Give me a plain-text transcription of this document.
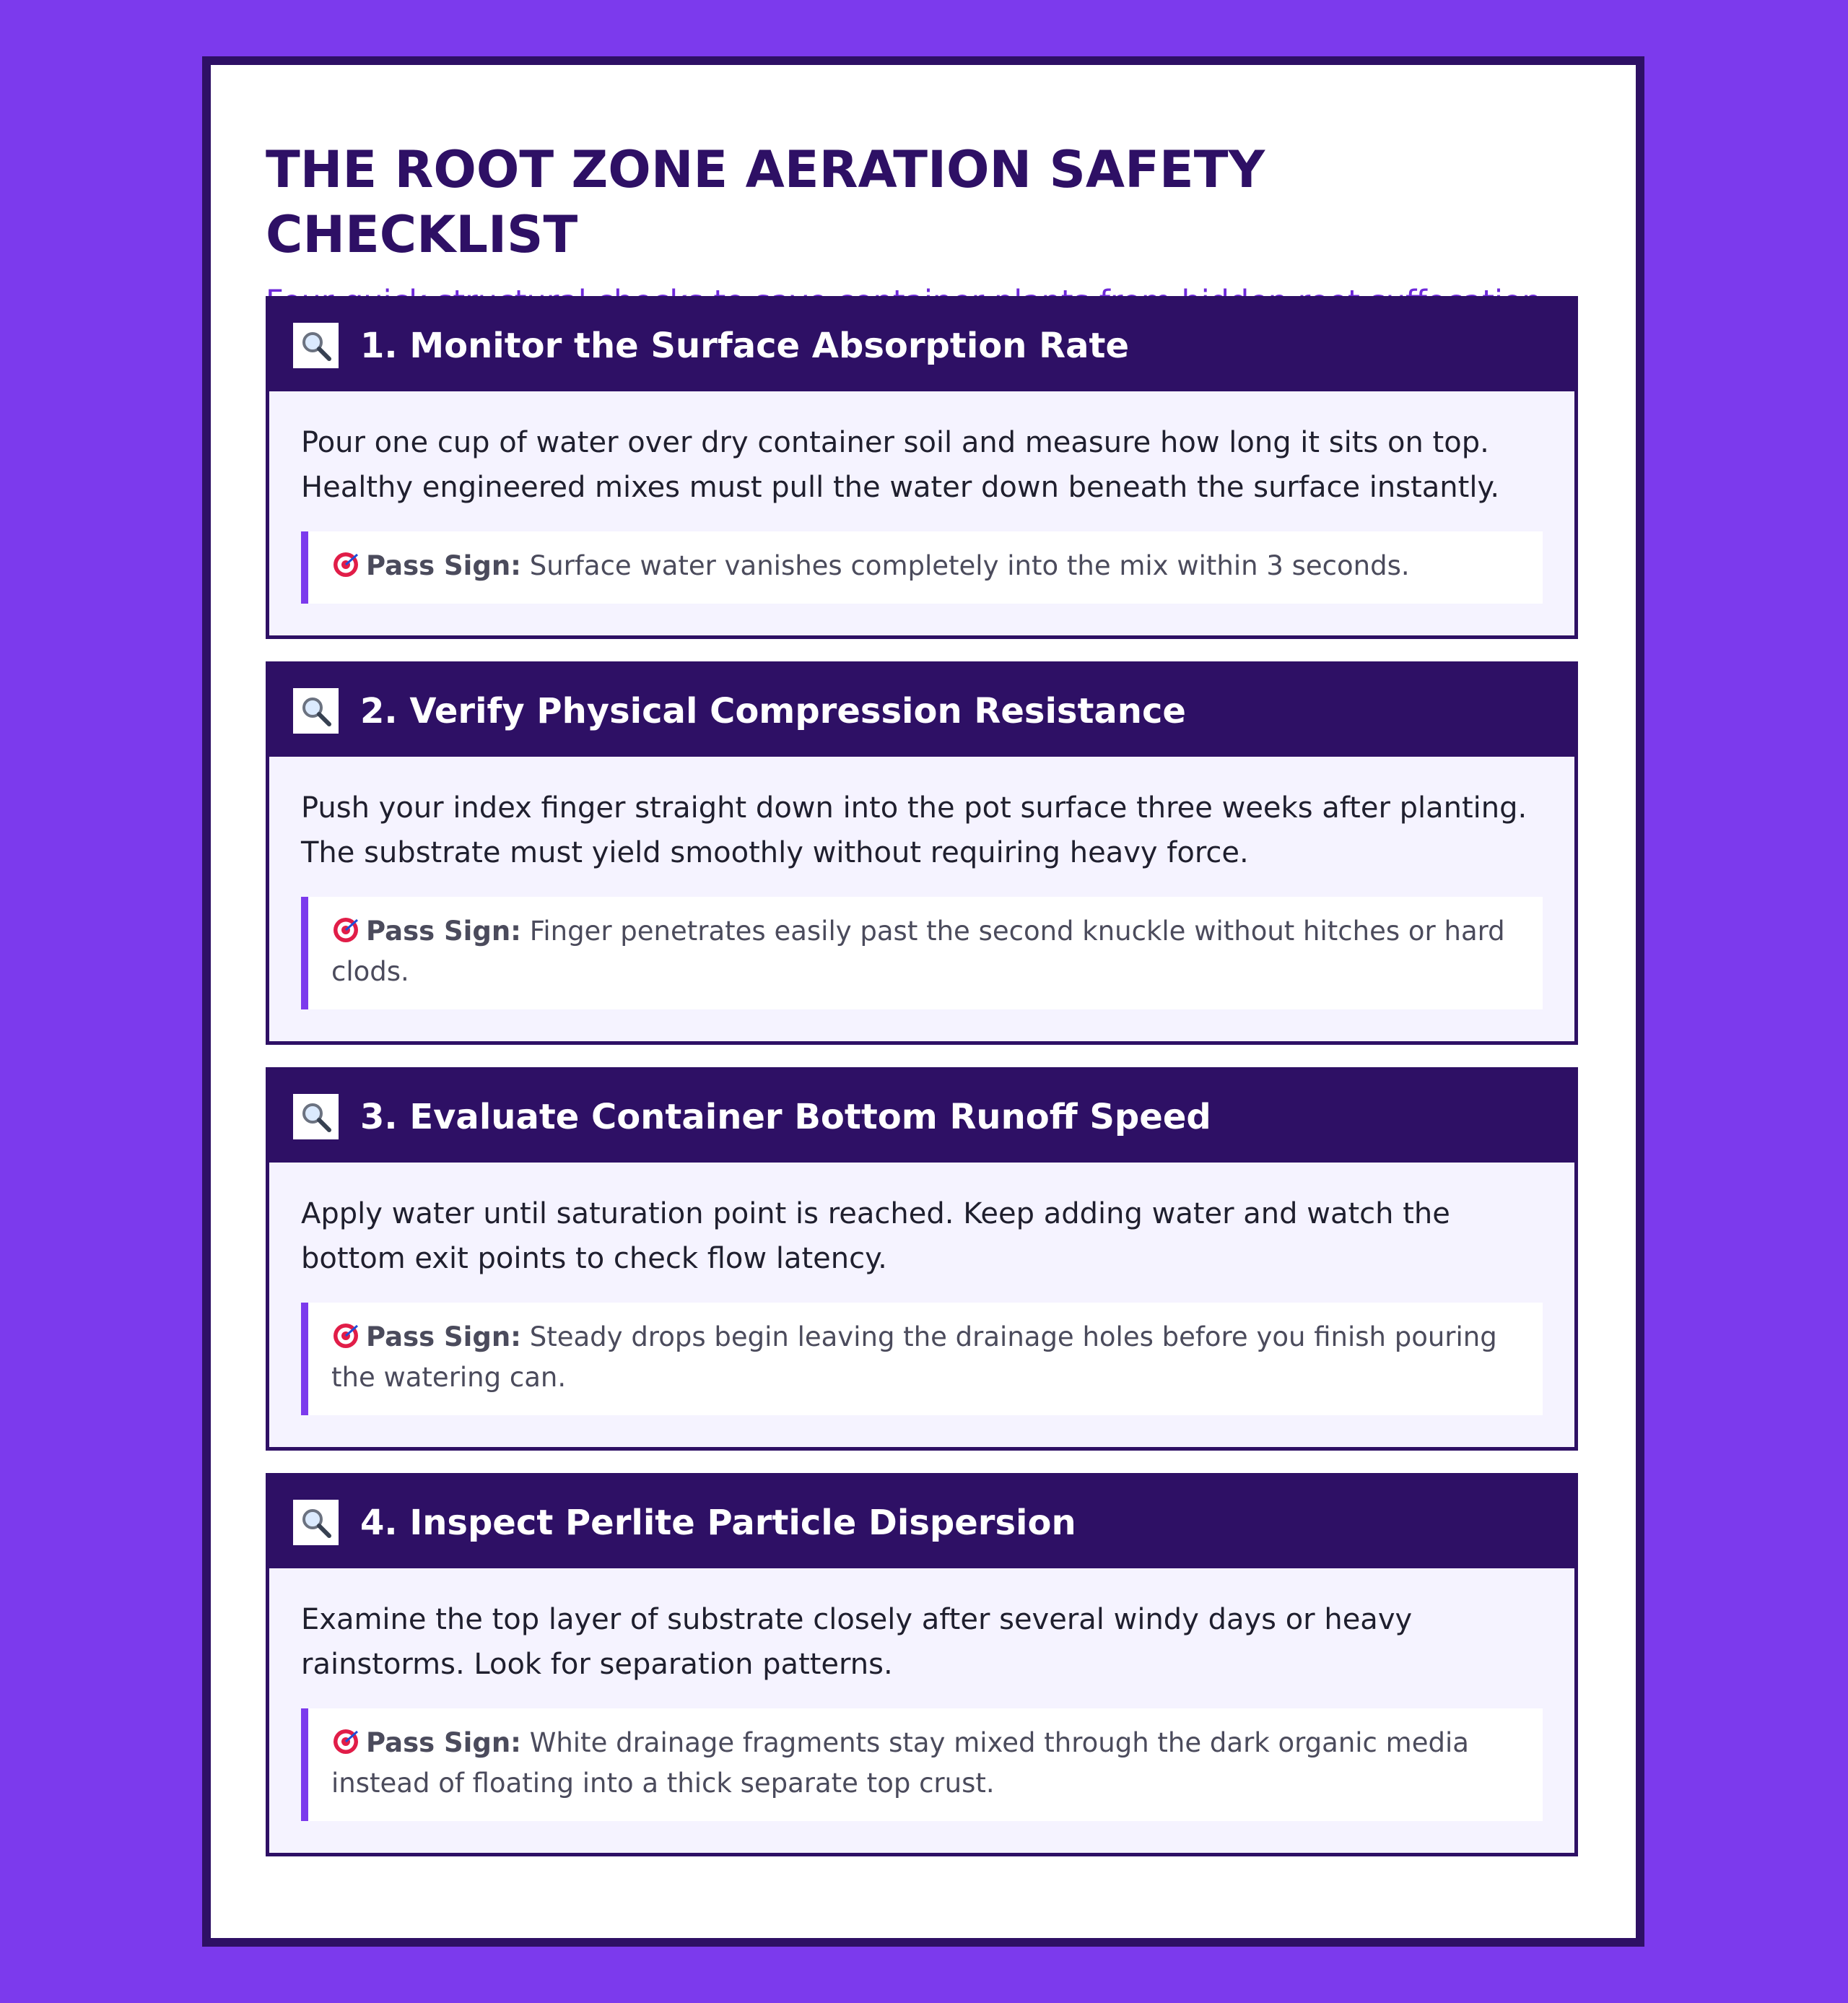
THE ROOT ZONE AERATION SAFETY CHECKLIST

1. Monitor the Surface Absorption Rate

Pour one cup of water over dry container soil and measure how long it sits on top. Healthy engineered mixes must pull the water down beneath the surface instantly.

Pass Sign: Surface water vanishes completely into the mix within 3 seconds.
2. Verify Physical Compression Resistance

Push your index finger straight down into the pot surface three weeks after planting. The substrate must yield smoothly without requiring heavy force.

Pass Sign: Finger penetrates easily past the second knuckle without hitches or hard clods.
3. Evaluate Container Bottom Runoff Speed

Apply water until saturation point is reached. Keep adding water and watch the bottom exit points to check flow latency.

Pass Sign: Steady drops begin leaving the drainage holes before you finish pouring the watering can.
4. Inspect Perlite Particle Dispersion

Examine the top layer of substrate closely after several windy days or heavy rainstorms. Look for separation patterns.

Pass Sign: White drainage fragments stay mixed through the dark organic media instead of floating into a thick separate top crust.
